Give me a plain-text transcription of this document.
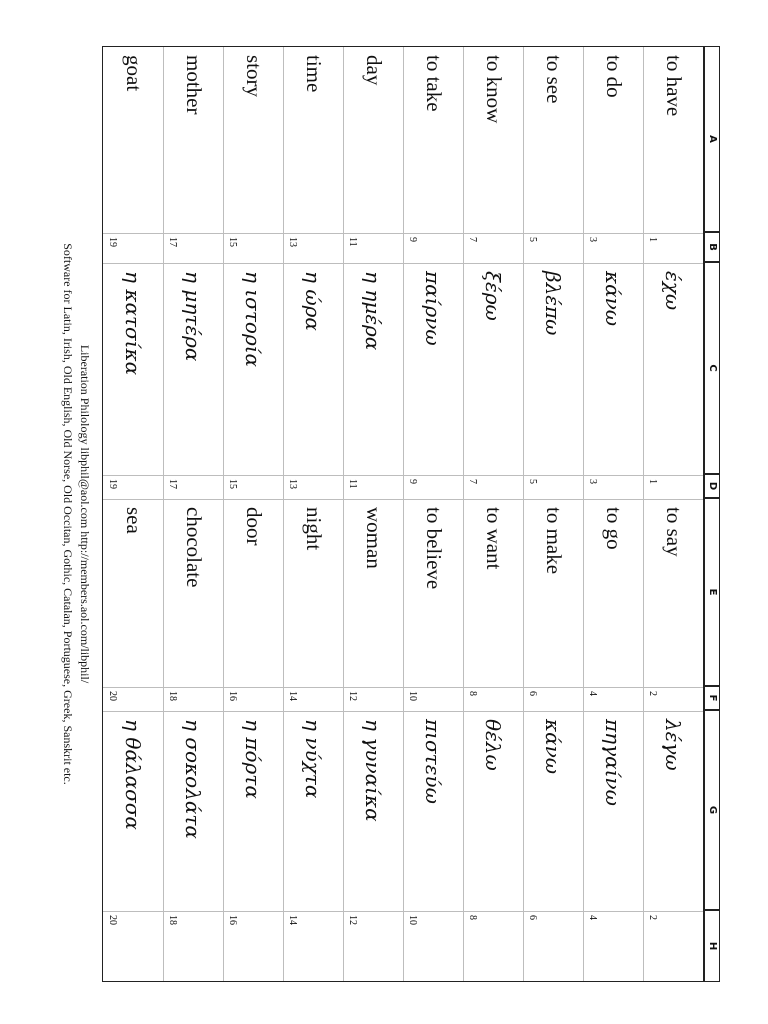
A
B
C
D
E
F
G
H
to have
1
έχω
1
to say
2
λέγω
2
to do
3
κάνω
3
to go
4
πηγαίνω
4
to see
5
βλέπω
5
to make
6
κάνω
6
to know
7
ξέρω
7
to want
8
θέλω
8
to take
9
παίρνω
9
to believe
10
πιστεύω
10
day
11
η ημέρα
11
woman
12
η γυναίκα
12
time
13
η ώρα
13
night
14
η νύχτα
14
story
15
η ιστορία
15
door
16
η πόρτα
16
mother
17
η μητέρα
17
chocolate
18
η σοκολάτα
18
goat
19
η κατσίκα
19
sea
20
η θάλασσα
20
Liberation Philology libphil@aol.com http://members.aol.com/libphil/
Software for Latin, Irish, Old English, Old Norse, Old Occitan, Gothic, Catalan, Portuguese, Greek, Sanskrit etc.
